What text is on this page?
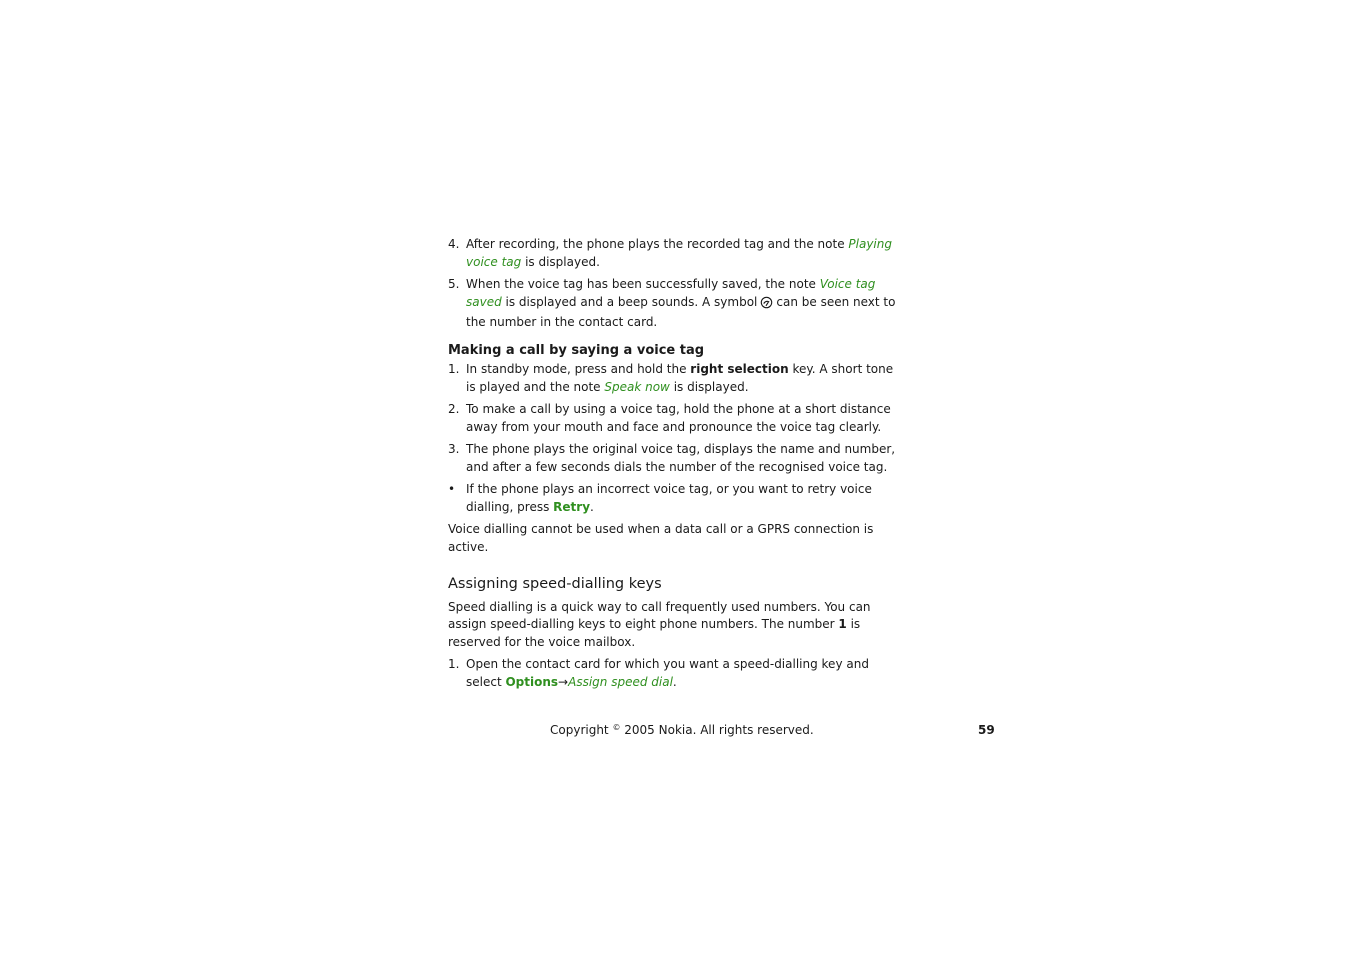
4. After recording, the phone plays the recorded tag and the note Playing voice tag is displayed.
5. When the voice tag has been successfully saved, the note Voice tag saved is displayed and a beep sounds. A symbol can be seen next to the number in the contact card.
Making a call by saying a voice tag
1. In standby mode, press and hold the right selection key. A short tone is played and the note Speak now is displayed.
2. To make a call by using a voice tag, hold the phone at a short distance away from your mouth and face and pronounce the voice tag clearly.
3. The phone plays the original voice tag, displays the name and number, and after a few seconds dials the number of the recognised voice tag.
• If the phone plays an incorrect voice tag, or you want to retry voice dialling, press Retry.
Voice dialling cannot be used when a data call or a GPRS connection is active.
Assigning speed-dialling keys
Speed dialling is a quick way to call frequently used numbers. You can assign speed-dialling keys to eight phone numbers. The number 1 is reserved for the voice mailbox.
1. Open the contact card for which you want a speed-dialling key and select Options→Assign speed dial.
Copyright © 2005 Nokia. All rights reserved.	59
